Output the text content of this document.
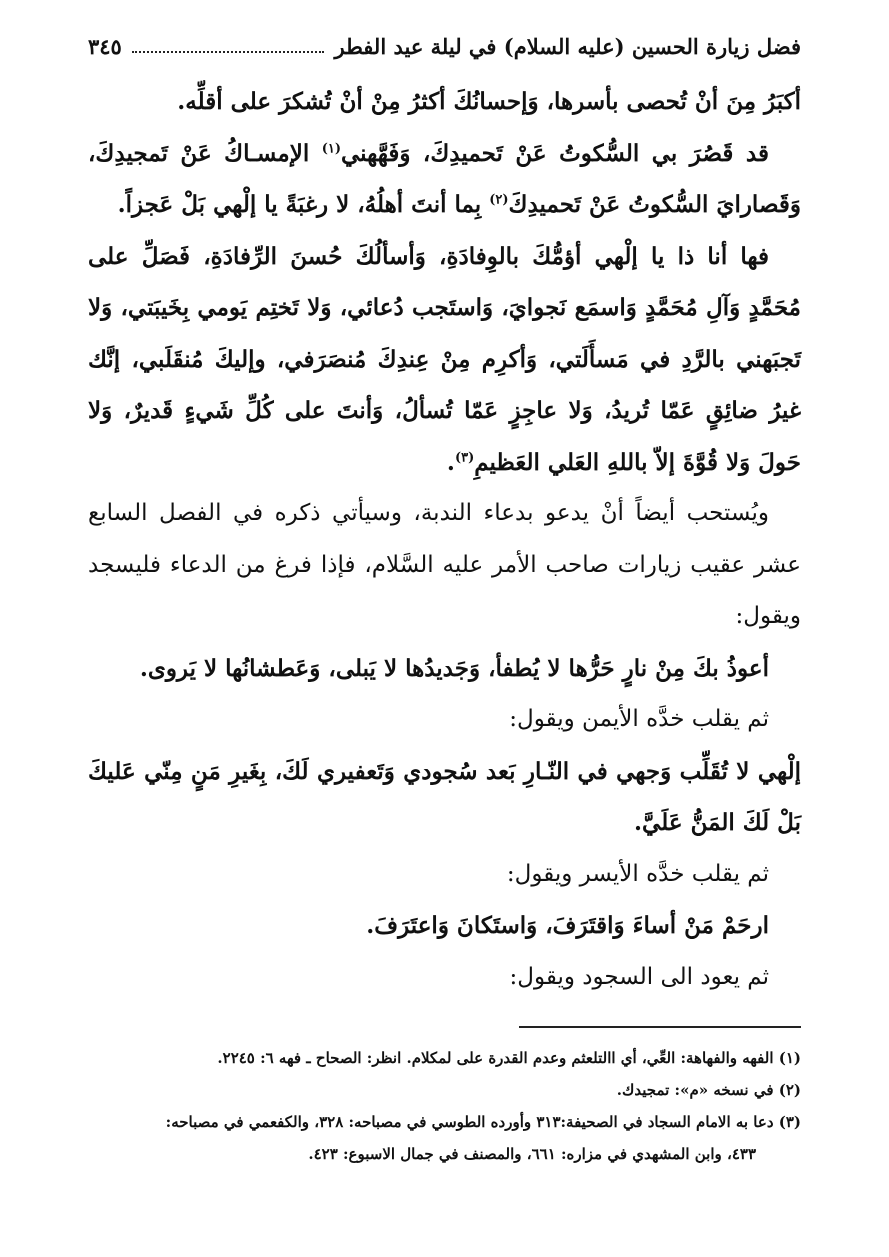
فضل زيارة الحسين (عليه السلام) في ليلة عيد الفطر
٣٤٥

أكبَرُ مِنَ أنْ تُحصى بأسرها، وَإحسانُكَ أكثرُ مِنْ أنْ تُشكرَ على أقلِّه.

قد قَصُرَ بي السُّكوتُ عَنْ تَحميدِكَ، وَفَهَّهني$^{(١)}$ الإمسـاكُ عَنْ تَمجيدِكَ، وَقَصارايَ السُّكوتُ عَنْ تَحميدِكَ$^{(٢)}$ بِما أنتَ أهلُهُ، لا رغبَةً يا إلْهي بَلْ عَجزاً.

فها أنا ذا يا إلْهي أؤمُّكَ بالوِفادَةِ، وَأسألُكَ حُسنَ الرِّفادَةِ، فَصَلِّ على مُحَمَّدٍ وَآلِ مُحَمَّدٍ وَاسمَع نَجوايَ، وَاستَجب دُعائي، وَلا تَختِم يَومي بِخَيبَتي، وَلا تَجبَهني بالرَّدِ في مَسأَلَتي، وَأكرِم مِنْ عِندِكَ مُنصَرَفي، وإليكَ مُنقَلَبي، إنَّك غيرُ ضائِقٍ عَمّا تُريدُ، وَلا عاجِزٍ عَمّا تُسألُ، وَأنتَ على كُلِّ شَيءٍ قَديرٌ، وَلا حَولَ وَلا قُوَّةَ إلاّ باللهِ العَلي العَظيمِ$^{(٣)}$.

ويُستحب أيضاً أنْ يدعو بدعاء الندبة، وسيأتي ذكره في الفصل السابع عشر عقيب زيارات صاحب الأمر عليه السَّلام، فإذا فرغ من الدعاء فليسجد ويقول:

أعوذُ بكَ مِنْ نارٍ حَرُّها لا يُطفأ، وَجَديدُها لا يَبلى، وَعَطشانُها لا يَروى.

ثم يقلب خدَّه الأيمن ويقول:

إلْهي لا تُقَلِّب وَجهي في النّـارِ بَعد سُجودي وَتَعفيري لَكَ، بِغَيرِ مَنٍ مِنّي عَليكَ بَلْ لَكَ المَنُّ عَلَيَّ.

ثم يقلب خدَّه الأيسر ويقول:

ارحَمْ مَنْ أساءَ وَاقتَرَفَ، وَاستَكانَ وَاعتَرَفَ.

ثم يعود الى السجود ويقول:

(١) الفهه والفهاهة: العِّي، أي االتلعثم وعدم القدرة على لمكلام. انظر: الصحاح ـ فهه ٦: ٢٢٤٥.

(٢) في نسخه «م»: تمجيدك.

(٣) دعا به الامام السجاد في الصحيفة:٣١٣ وأورده الطوسي في مصباحه: ٣٢٨، والكفعمي في مصباحه:

٤٣٣، وابن المشهدي في مزاره: ٦٦١، والمصنف في جمال الاسبوع: ٤٢٣.
